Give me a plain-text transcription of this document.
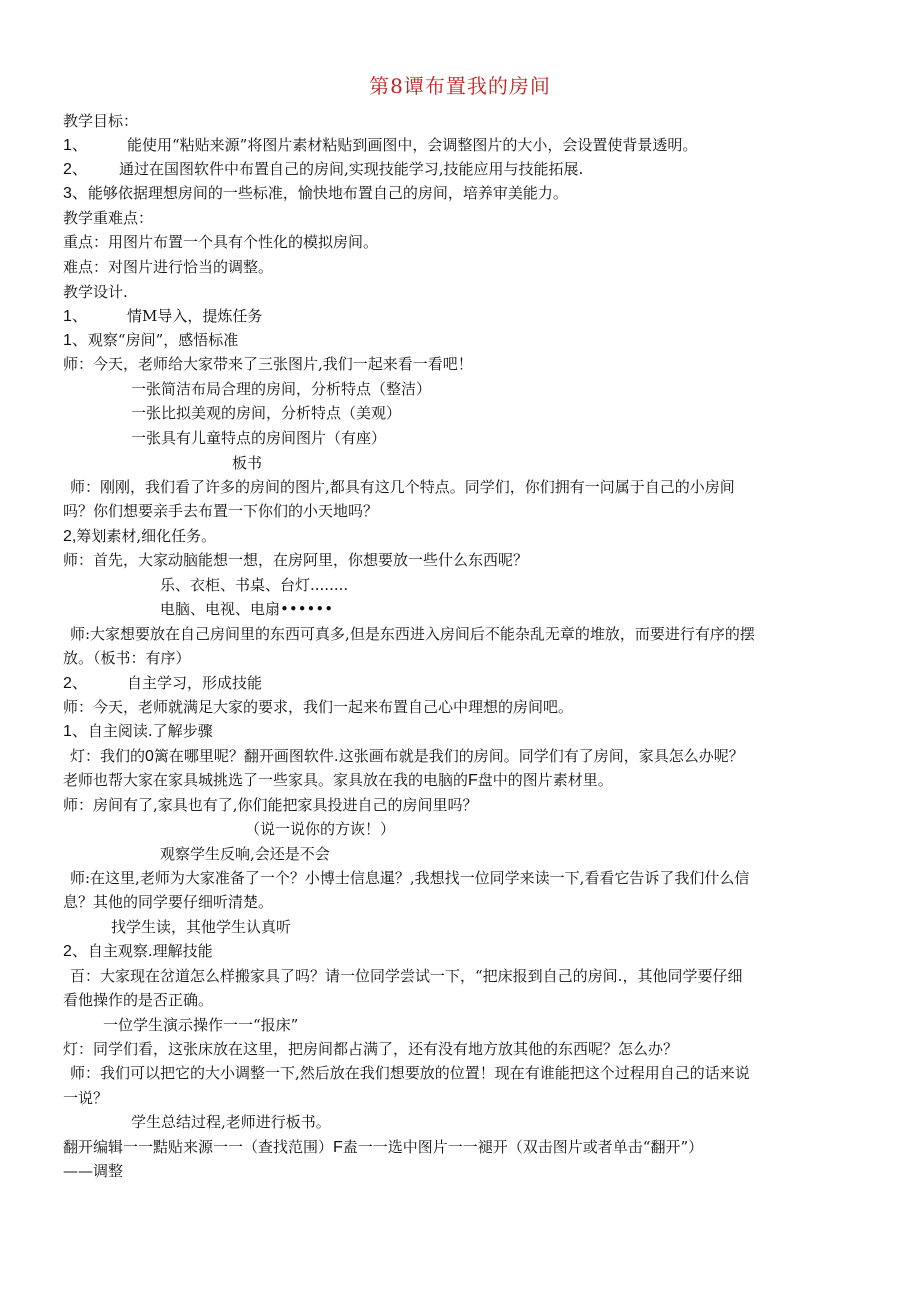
第8谭布置我的房间
教学目标：
1、	能使用“粘贴来源”将图片素材粘贴到画图中，会调整图片的大小，会设置使背景透明。
2、 通过在国图软件中布置自己的房间,实现技能学习,技能应用与技能拓展.
3、能够依据理想房间的一些标准，愉快地布置自己的房间，培养审美能力。
教学重难点：
重点：用图片布置一个具有个性化的模拟房间。
难点：对图片进行恰当的调整。
教学设计.
1、	情M导入，提炼任务
1、观察“房间”，感悟标准
师：今天，老师给大家带来了三张图片,我们一起来看一看吧！
一张简洁布局合理的房间，分析特点（整洁）
一张比拟美观的房间，分析特点（美观）
一张具有儿童特点的房间图片（有座）
板书
师：刚刚，我们看了许多的房间的图片,都具有这几个特点。同学们，你们拥有一问属于自己的小房间
吗？你们想要亲手去布置一下你们的小天地吗？
2,筹划素材,细化任务。
师：首先，大家动脑能想一想，在房阿里，你想要放一些什么东西呢？
乐、衣柜、书桌、台灯........
电脑、电视、电扇••••••
师:大家想要放在自己房间里的东西可真多,但是东西进入房间后不能杂乱无章的堆放，而要进行有序的摆
放。（板书：有序）
2、	自主学习，形成技能
师：今天，老师就满足大家的要求，我们一起来布置自己心中理想的房间吧。
1、自主阅读.了解步骤
灯：我们的0篱在哪里呢？翻开画图软件.这张画布就是我们的房间。同学们有了房间，家具怎么办呢？
老师也帮大家在家具城挑选了一些家具。家具放在我的电脑的F盘中的图片素材里。
师：房间有了,家具也有了,你们能把家具投进自己的房间里吗？
（说一说你的方诙！）
观察学生反响,会还是不会
师:在这里,老师为大家准备了一个？小博士信息暹？,我想找一位同学来读一下,看看它告诉了我们什么信
息？其他的同学要仔细听清楚。
找学生读，其他学生认真听
2、自主观察.理解技能
百：大家现在岔道怎么样搬家具了吗？请一位同学尝试一下，“把床报到自己的房间.，其他同学要仔细
看他操作的是否正确。
一位学生演示操作一一“报床”
灯：同学们看，这张床放在这里，把房间都占满了，还有没有地方放其他的东西呢？怎么办？
师：我们可以把它的大小调整一下,然后放在我们想要放的位置！现在有谁能把这个过程用自己的话来说
一说？
学生总结过程,老师进行板书。
翻开编辑一一黠贴来源一一（查找范围）F盍一一选中图片一一褪开（双击图片或者单击“翻开”）
——调整
